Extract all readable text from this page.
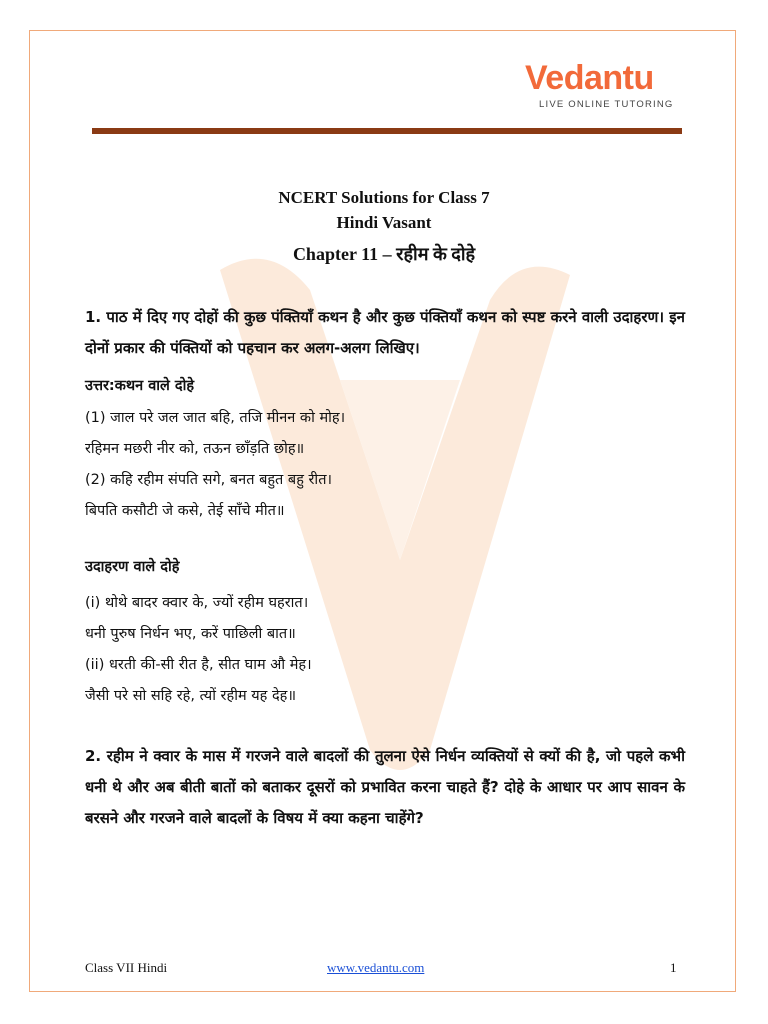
Vedantu
LIVE ONLINE TUTORING
NCERT Solutions for Class 7
Hindi Vasant
Chapter 11 – रहीम के दोहे

1. पाठ में दिए गए दोहों की कुछ पंक्तियाँ कथन है और कुछ पंक्तियाँ कथन को स्पष्ट करने वाली उदाहरण। इन दोनों प्रकार की पंक्तियों को पहचान कर अलग-अलग लिखिए।

उत्तर:कथन वाले दोहे
(1) जाल परे जल जात बहि, तजि मीनन को मोह।
रहिमन मछरी नीर को, तऊन छाँड़ति छोह॥
(2) कहि रहीम संपति सगे, बनत बहुत बहु रीत।
बिपति कसौटी जे कसे, तेई साँचे मीत॥
उदाहरण वाले दोहे
(i) थोथे बादर क्वार के, ज्यों रहीम घहरात।
धनी पुरुष निर्धन भए, करें पाछिली बात॥
(ii) धरती की-सी रीत है, सीत घाम औ मेह।
जैसी परे सो सहि रहे, त्यों रहीम यह देह॥

2. रहीम ने क्वार के मास में गरजने वाले बादलों की तुलना ऐसे निर्धन व्यक्तियों से क्यों की है, जो पहले कभी धनी थे और अब बीती बातों को बताकर दूसरों को प्रभावित करना चाहते हैं? दोहे के आधार पर आप सावन के बरसने और गरजने वाले बादलों के विषय में क्या कहना चाहेंगे?

Class VII Hindi	www.vedantu.com	1
